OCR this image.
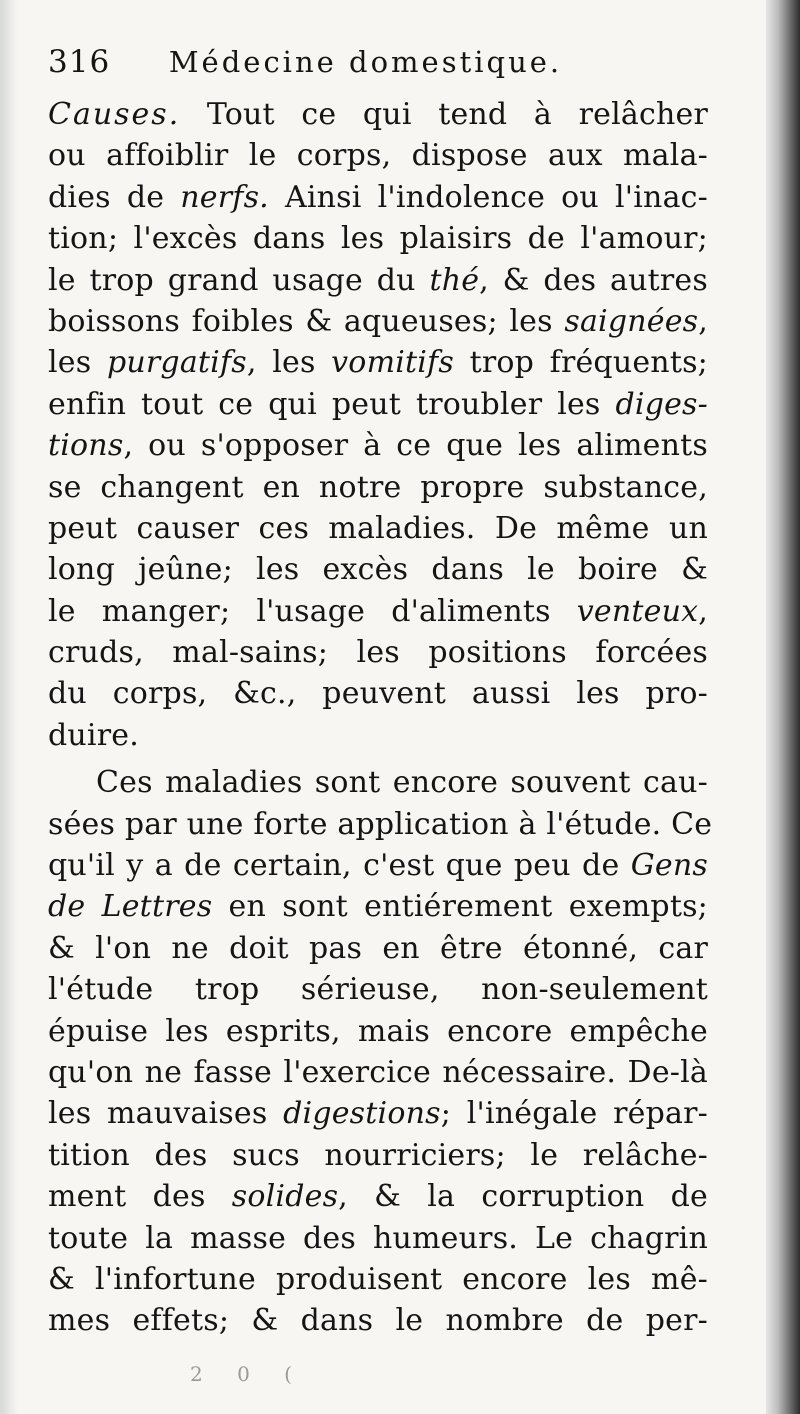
316 Médecine domestique.
Causes. Tout ce qui tend à relâcher
ou affoiblir le corps, dispose aux mala-
dies de nerfs. Ainsi l'indolence ou l'inac-
tion; l'excès dans les plaisirs de l'amour;
le trop grand usage du thé, & des autres
boissons foibles & aqueuses; les saignées,
les purgatifs, les vomitifs trop fréquents;
enfin tout ce qui peut troubler les diges-
tions, ou s'opposer à ce que les aliments
se changent en notre propre substance,
peut causer ces maladies. De même un
long jeûne; les excès dans le boire &
le manger; l'usage d'aliments venteux,
cruds, mal-sains; les positions forcées
du corps, &c., peuvent aussi les pro-
duire.
Ces maladies sont encore souvent cau-
sées par une forte application à l'étude. Ce
qu'il y a de certain, c'est que peu de Gens
de Lettres en sont entiérement exempts;
& l'on ne doit pas en être étonné, car
l'étude trop sérieuse, non-seulement
épuise les esprits, mais encore empêche
qu'on ne fasse l'exercice nécessaire. De-là
les mauvaises digestions; l'inégale répar-
tition des sucs nourriciers; le relâche-
ment des solides, & la corruption de
toute la masse des humeurs. Le chagrin
& l'infortune produisent encore les mê-
mes effets; & dans le nombre de per-
2 0 (
